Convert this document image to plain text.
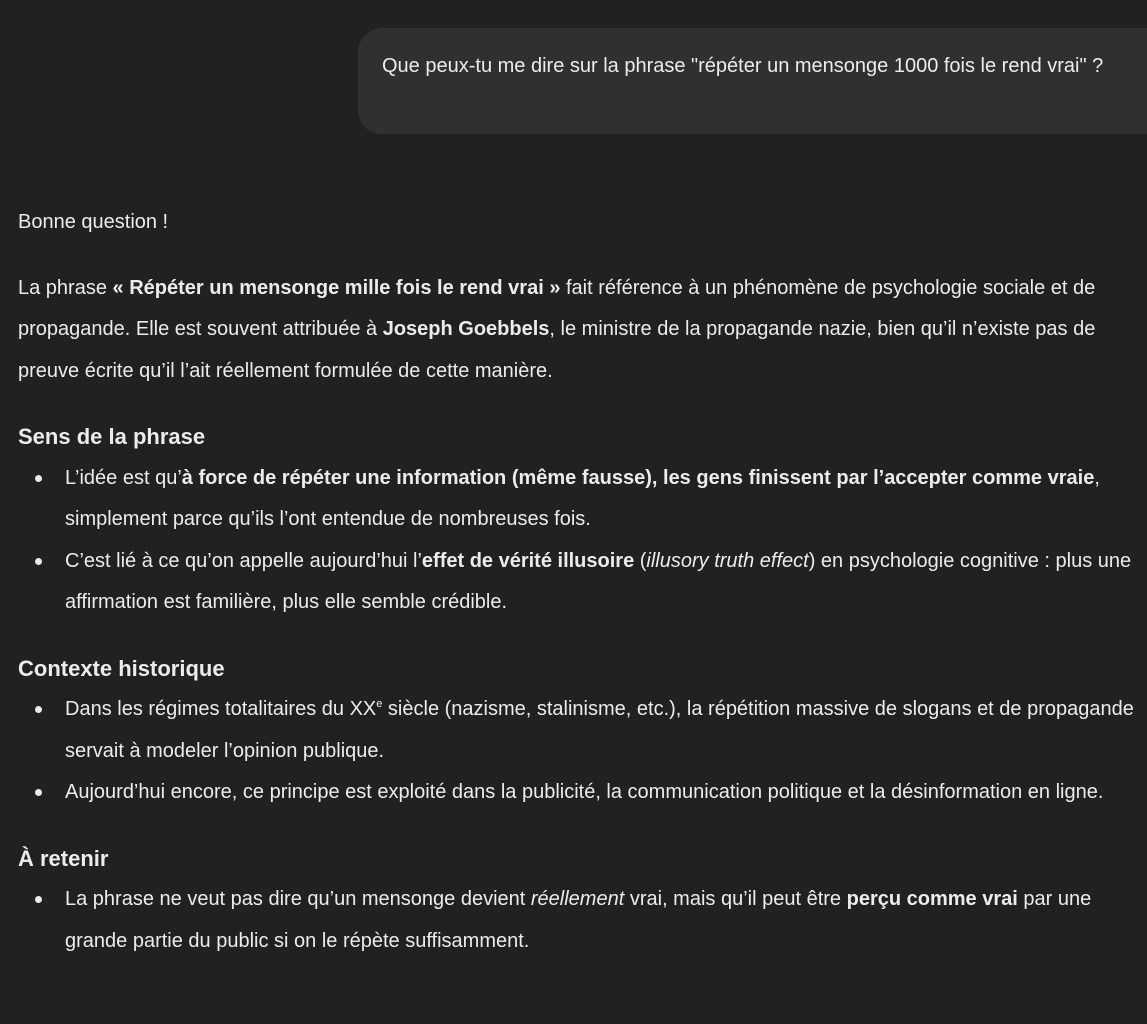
Que peux-tu me dire sur la phrase "répéter un mensonge 1000 fois le rend vrai" ?

Bonne question !

La phrase « Répéter un mensonge mille fois le rend vrai » fait référence à un phénomène de psychologie sociale et de propagande. Elle est souvent attribuée à Joseph Goebbels, le ministre de la propagande nazie, bien qu’il n’existe pas de preuve écrite qu’il l’ait réellement formulée de cette manière.

Sens de la phrase
L’idée est qu’à force de répéter une information (même fausse), les gens finissent par l’accepter comme vraie, simplement parce qu’ils l’ont entendue de nombreuses fois.
C’est lié à ce qu’on appelle aujourd’hui l’effet de vérité illusoire (illusory truth effect) en psychologie cognitive : plus une affirmation est familière, plus elle semble crédible.
Contexte historique
Dans les régimes totalitaires du XXe siècle (nazisme, stalinisme, etc.), la répétition massive de slogans et de propagande servait à modeler l’opinion publique.
Aujourd’hui encore, ce principe est exploité dans la publicité, la communication politique et la désinformation en ligne.
À retenir
La phrase ne veut pas dire qu’un mensonge devient réellement vrai, mais qu’il peut être perçu comme vrai par une grande partie du public si on le répète suffisamment.
